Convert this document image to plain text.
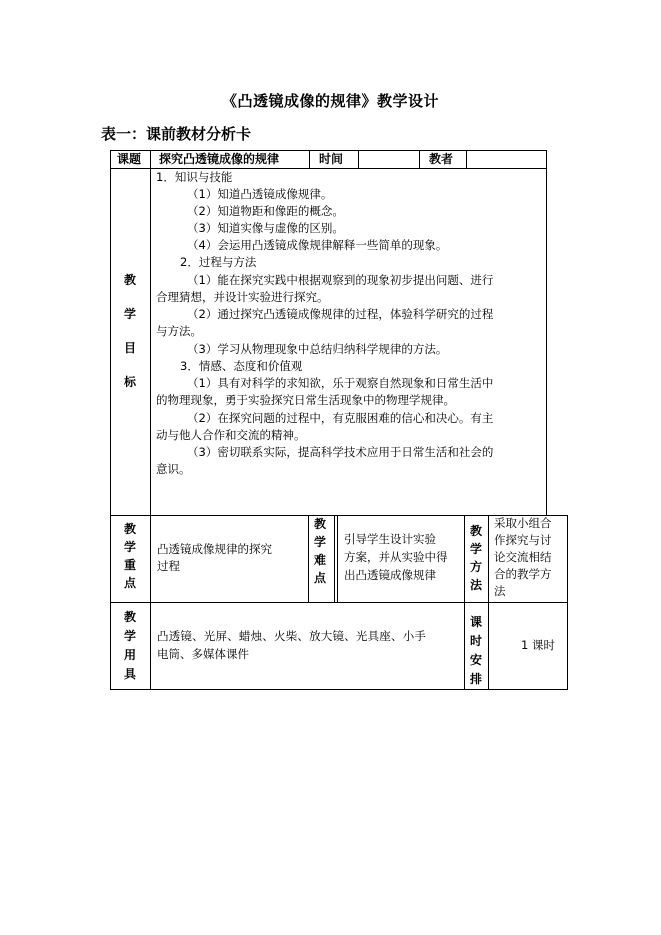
《凸透镜成像的规律》教学设计
表一：课前教材分析卡
课题 探究凸透镜成像的规律	时间	教者
教
学
目
标
1．知识与技能
（1）知道凸透镜成像规律。
（2）知道物距和像距的概念。
（3）知道实像与虚像的区别。
（4）会运用凸透镜成像规律解释一些简单的现象。
2．过程与方法
（1）能在探究实践中根据观察到的现象初步提出问题、进行
合理猜想，并设计实验进行探究。
（2）通过探究凸透镜成像规律的过程，体验科学研究的过程
与方法。
（3）学习从物理现象中总结归纳科学规律的方法。
3．情感、态度和价值观
（1）具有对科学的求知欲，乐于观察自然现象和日常生活中
的物理现象，勇于实验探究日常生活现象中的物理学规律。
（2）在探究问题的过程中，有克服困难的信心和决心。有主
动与他人合作和交流的精神。
（3）密切联系实际，提高科学技术应用于日常生活和社会的
意识。
教
学
重
点
凸透镜成像规律的探究
过程
教
学
难
点
引导学生设计实验
方案，并从实验中得
出凸透镜成像规律
教
学
方
法
采取小组合
作探究与讨
论交流相结
合的教学方
法
教
学
用
具
凸透镜、光屏、蜡烛、火柴、放大镜、光具座、小手
电筒、多媒体课件
课
时
安
排
1 课时
